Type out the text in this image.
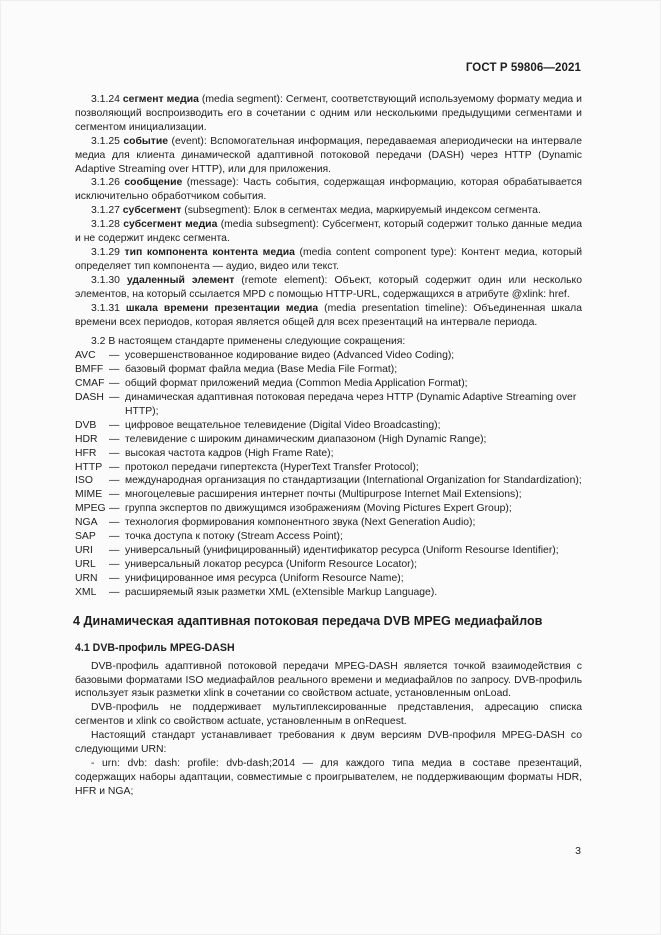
ГОСТ Р 59806—2021

3.1.24 сегмент медиа (media segment): Сегмент, соответствующий используемому формату медиа и позволяющий воспроизводить его в сочетании с одним или несколькими предыдущими сегментами и сегментом инициализации.

3.1.25 событие (event): Вспомогательная информация, передаваемая апериодически на интервале медиа для клиента динамической адаптивной потоковой передачи (DASH) через HTTP (Dynamic Adaptive Streaming over HTTP), или для приложения.

3.1.26 сообщение (message): Часть события, содержащая информацию, которая обрабатывается исключительно обработчиком события.

3.1.27 субсегмент (subsegment): Блок в сегментах медиа, маркируемый индексом сегмента.

3.1.28 субсегмент медиа (media subsegment): Субсегмент, который содержит только данные медиа и не содержит индекс сегмента.

3.1.29 тип компонента контента медиа (media content component type): Контент медиа, который определяет тип компонента — аудио, видео или текст.

3.1.30 удаленный элемент (remote element): Объект, который содержит один или несколько элементов, на который ссылается MPD с помощью HTTP-URL, содержащихся в атрибуте @xlink: href.

3.1.31 шкала времени презентации медиа (media presentation timeline): Объединенная шкала времени всех периодов, которая является общей для всех презентаций на интервале периода.

3.2 В настоящем стандарте применены следующие сокращения:

AVC	— усовершенствованное кодирование видео (Advanced Video Coding);
BMFF — базовый формат файла медиа (Base Media File Format);
CMAF — общий формат приложений медиа (Common Media Application Format);
DASH — динамическая адаптивная потоковая передача через HTTP (Dynamic Adaptive Streaming over HTTP);
DVB	— цифровое вещательное телевидение (Digital Video Broadcasting);
HDR	— телевидение с широким динамическим диапазоном (High Dynamic Range);
HFR	— высокая частота кадров (High Frame Rate);
HTTP — протокол передачи гипертекста (HyperText Transfer Protocol);
ISO	— международная организация по стандартизации (International Organization for Standardization);
MIME — многоцелевые расширения интернет почты (Multipurpose Internet Mail Extensions);
MPEG — группа экспертов по движущимся изображениям (Moving Pictures Expert Group);
NGA	— технология формирования компонентного звука (Next Generation Audio);
SAP	— точка доступа к потоку (Stream Access Point);
URI	— универсальный (унифицированный) идентификатор ресурса (Uniform Resourse Identifier);
URL	— универсальный локатор ресурса (Uniform Resource Locator);
URN	— унифицированное имя ресурса (Uniform Resource Name);
XML	— расширяемый язык разметки XML (eXtensible Markup Language).
4 Динамическая адаптивная потоковая передача DVB MPEG медиафайлов
4.1 DVB-профиль MPEG-DASH

DVB-профиль адаптивной потоковой передачи MPEG-DASH является точкой взаимодействия с базовыми форматами ISO медиафайлов реального времени и медиафайлов по запросу. DVB-профиль использует язык разметки xlink в сочетании со свойством actuate, установленным onLoad.

DVB-профиль не поддерживает мультиплексированные представления, адресацию списка сегментов и xlink со свойством actuate, установленным в onRequest.

Настоящий стандарт устанавливает требования к двум версиям DVB-профиля MPEG-DASH со следующими URN:

- urn: dvb: dash: profile: dvb-dash;2014 — для каждого типа медиа в составе презентаций, содержащих наборы адаптации, совместимые с проигрывателем, не поддерживающим форматы HDR, HFR и NGA;

3
